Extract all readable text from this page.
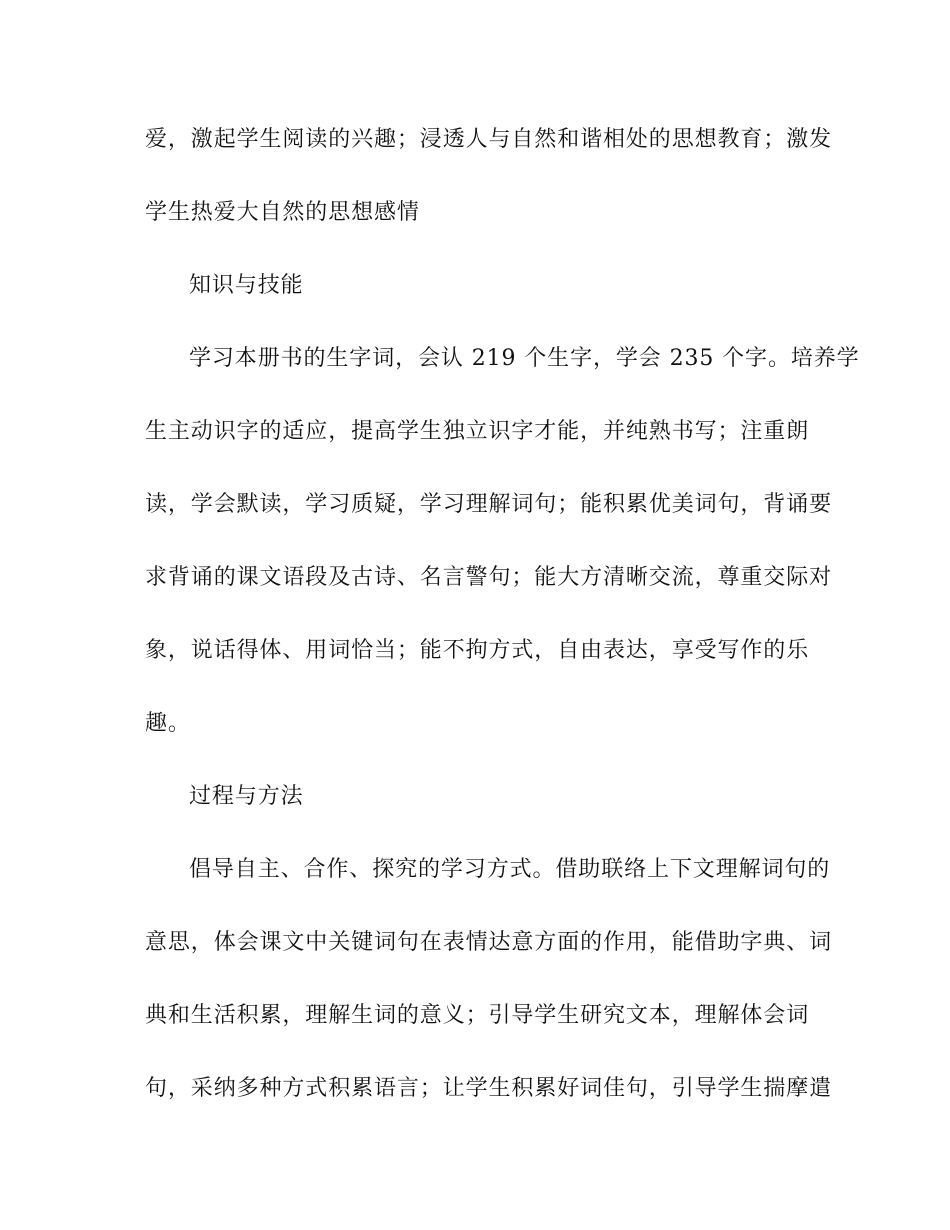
爱，激起学生阅读的兴趣；浸透人与自然和谐相处的思想教育；激发
学生热爱大自然的思想感情
知识与技能
学习本册书的生字词，会认 219 个生字，学会 235 个字。培养学
生主动识字的适应，提高学生独立识字才能，并纯熟书写；注重朗
读，学会默读，学习质疑，学习理解词句；能积累优美词句，背诵要
求背诵的课文语段及古诗、名言警句；能大方清晰交流，尊重交际对
象，说话得体、用词恰当；能不拘方式，自由表达，享受写作的乐
趣。
过程与方法
倡导自主、合作、探究的学习方式。借助联络上下文理解词句的
意思，体会课文中关键词句在表情达意方面的作用，能借助字典、词
典和生活积累，理解生词的意义；引导学生研究文本，理解体会词
句，采纳多种方式积累语言；让学生积累好词佳句，引导学生揣摩遣
